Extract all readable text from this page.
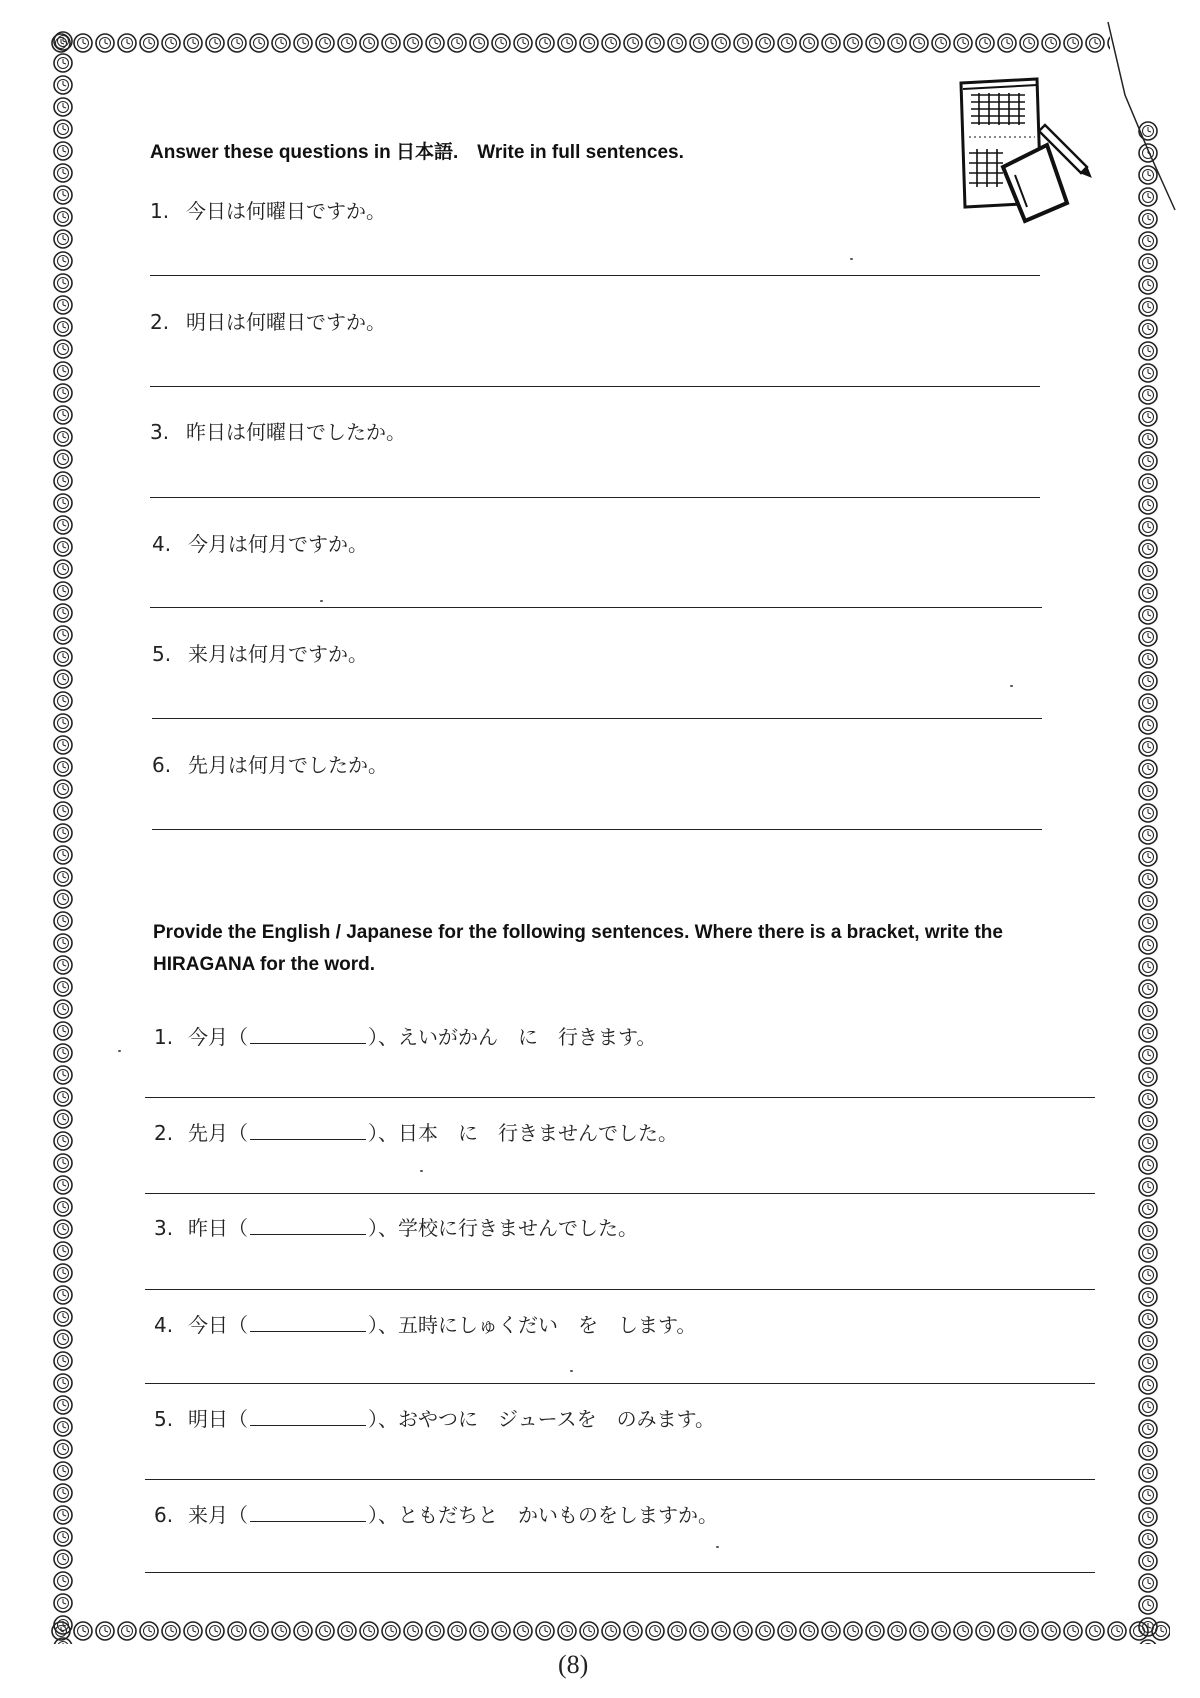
Answer these questions in 日本語.　Write in full sentences.
1. 今日は何曜日ですか。
2. 明日は何曜日ですか。
3. 昨日は何曜日でしたか。
4. 今月は何月ですか。
5. 来月は何月ですか。
6. 先月は何月でしたか。
Provide the English / Japanese for the following sentences. Where there is a bracket, write the HIRAGANA for the word.
1. 今月（	）、えいがかん　に　行きます。
2. 先月（	）、日本　に　行きませんでした。
3. 昨日（	）、学校に行きませんでした。
4. 今日（	）、五時にしゅくだい　を　します。
5. 明日（	）、おやつに　ジュースを　のみます。
6. 来月（	）、ともだちと　かいものをしますか。
(8)
